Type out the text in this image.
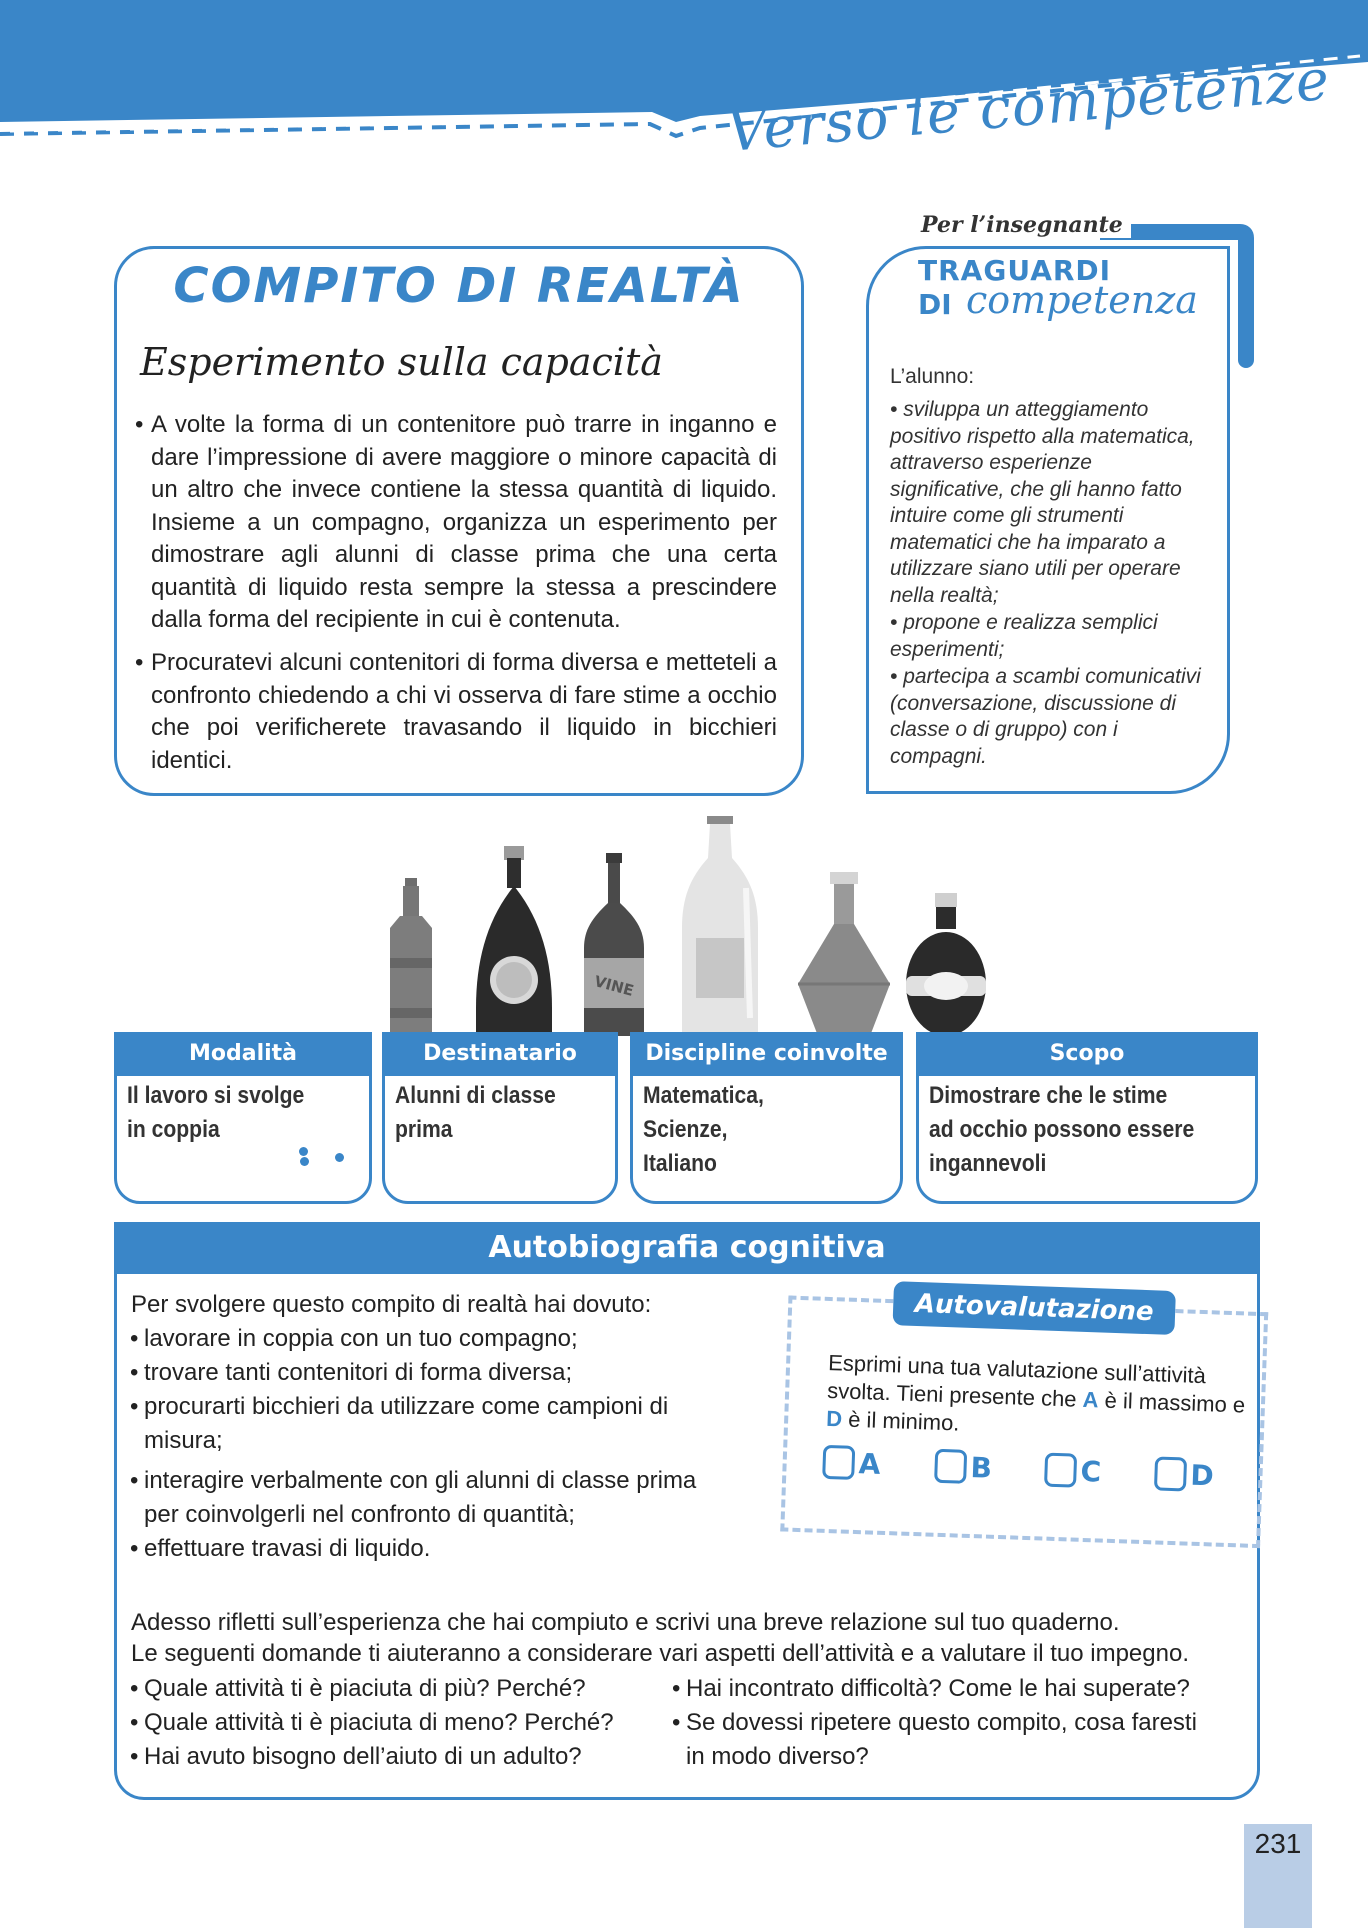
Verso le competenze
COMPITO DI REALTÀ
Esperimento sulla capacità
• A volte la forma di un contenitore può trarre in inganno e dare l’impressione di avere maggiore o minore capacità di un altro che invece contiene la stessa quantità di liquido. Insieme a un compagno, organizza un esperimento per dimostrare agli alunni di classe prima che una certa quantità di liquido resta sempre la stessa a prescindere dalla forma del recipiente in cui è contenuta.
• Procuratevi alcuni contenitori di forma diversa e metteteli a confronto chiedendo a chi vi osserva di fare stime a occhio che poi verificherete travasando il liquido in bicchieri identici.
Per l’insegnante
TRAGUARDI
DI competenza
L’alunno:
• sviluppa un atteggiamento positivo rispetto alla matematica, attraverso esperienze significative, che gli hanno fatto intuire come gli strumenti matematici che ha imparato a utilizzare siano utili per operare nella realtà;
• propone e realizza semplici esperimenti;
• partecipa a scambi comunicativi (conversazione, discussione di classe o di gruppo) con i compagni.
VINE
Modalità
Il lavoro si svolge
in coppia
Destinatario
Alunni di classe
prima
Discipline coinvolte
Matematica,
Scienze,
Italiano
Scopo
Dimostrare che le stime
ad occhio possono essere
ingannevoli
Autobiografia cognitiva
Per svolgere questo compito di realtà hai dovuto:
• lavorare in coppia con un tuo compagno;
• trovare tanti contenitori di forma diversa;
• procurarti bicchieri da utilizzare come campioni di
misura;
• interagire verbalmente con gli alunni di classe prima
per coinvolgerli nel confronto di quantità;
• effettuare travasi di liquido.
Autovalutazione
Esprimi una tua valutazione sull’attività svolta. Tieni presente che A è il massimo e D è il minimo.
A	B	C	D
Adesso rifletti sull’esperienza che hai compiuto e scrivi una breve relazione sul tuo quaderno.
Le seguenti domande ti aiuteranno a considerare vari aspetti dell’attività e a valutare il tuo impegno.
• Quale attività ti è piaciuta di più? Perché?
• Quale attività ti è piaciuta di meno? Perché?
• Hai avuto bisogno dell’aiuto di un adulto?
• Hai incontrato difficoltà? Come le hai superate?
• Se dovessi ripetere questo compito, cosa faresti
in modo diverso?
231
